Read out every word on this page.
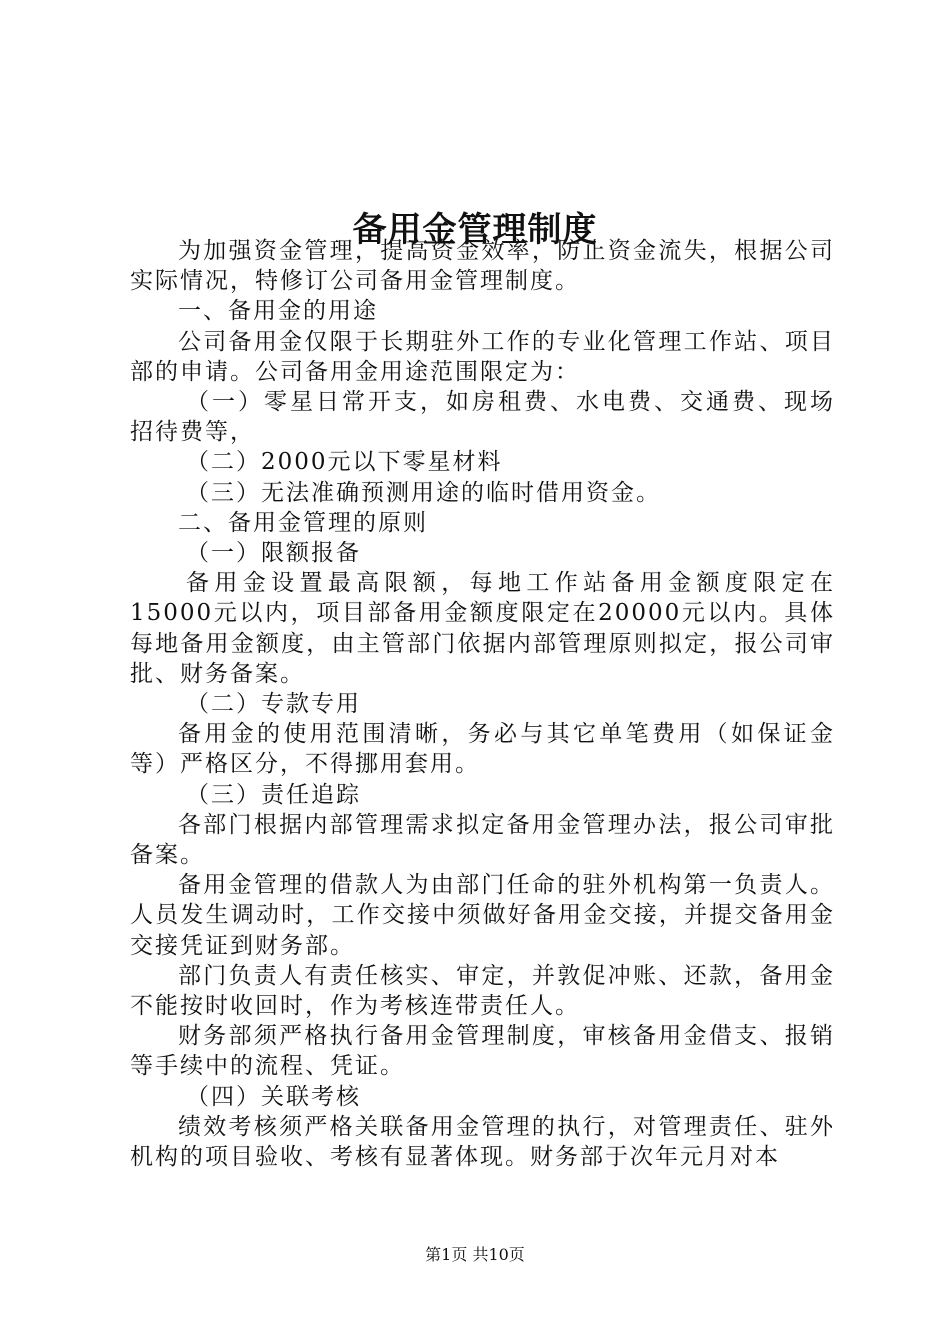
备用金管理制度

为加强资金管理，提高资金效率，防止资金流失，根据公司实际情况，特修订公司备用金管理制度。

一、备用金的用途

公司备用金仅限于长期驻外工作的专业化管理工作站、项目部的申请。公司备用金用途范围限定为：

（一）零星日常开支，如房租费、水电费、交通费、现场招待费等，

（二）2000元以下零星材料

（三）无法准确预测用途的临时借用资金。

二、备用金管理的原则

（一）限额报备

备用金设置最高限额，每地工作站备用金额度限定在15000元以内，项目部备用金额度限定在20000元以内。具体每地备用金额度，由主管部门依据内部管理原则拟定，报公司审批、财务备案。

（二）专款专用

备用金的使用范围清晰，务必与其它单笔费用（如保证金等）严格区分，不得挪用套用。

（三）责任追踪

各部门根据内部管理需求拟定备用金管理办法，报公司审批备案。

备用金管理的借款人为由部门任命的驻外机构第一负责人。人员发生调动时，工作交接中须做好备用金交接，并提交备用金交接凭证到财务部。

部门负责人有责任核实、审定，并敦促冲账、还款，备用金不能按时收回时，作为考核连带责任人。

财务部须严格执行备用金管理制度，审核备用金借支、报销等手续中的流程、凭证。

（四）关联考核

绩效考核须严格关联备用金管理的执行，对管理责任、驻外机构的项目验收、考核有显著体现。财务部于次年元月对本

第1页 共10页
